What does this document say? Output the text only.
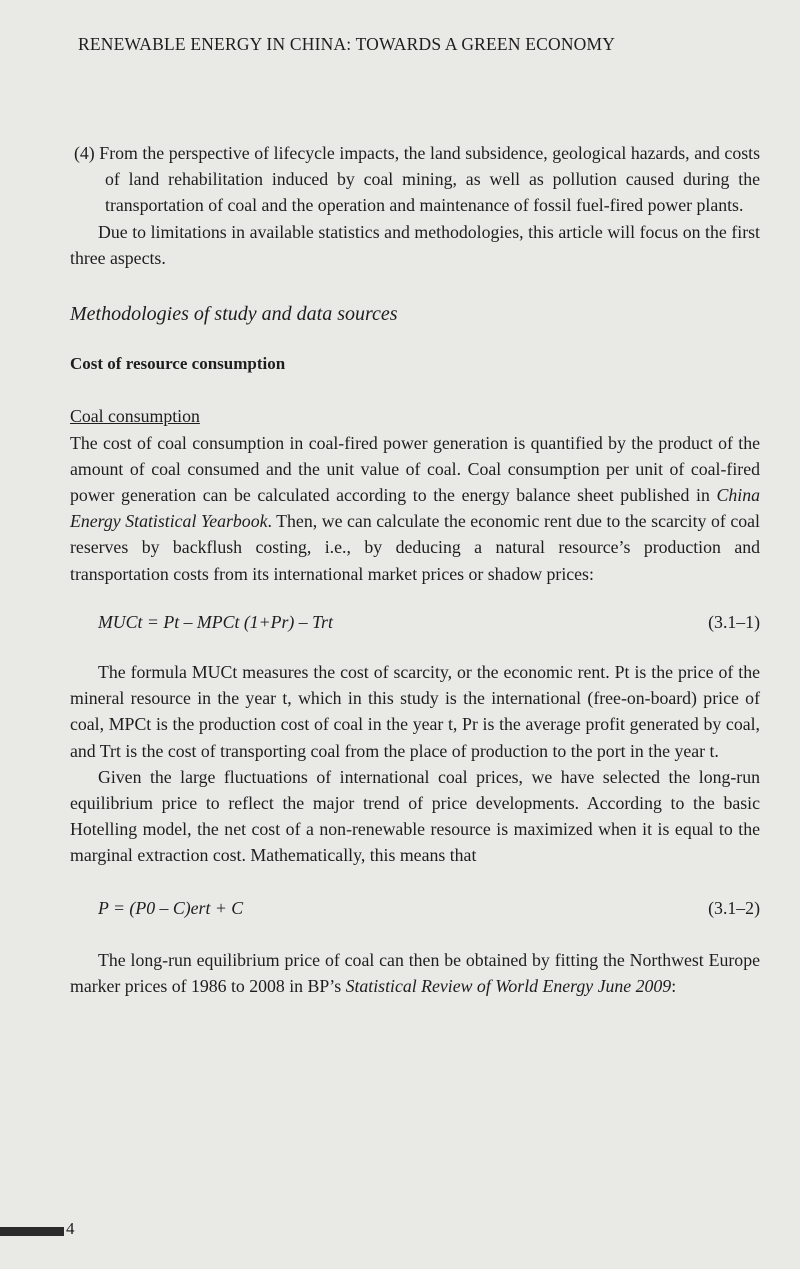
RENEWABLE ENERGY IN CHINA: TOWARDS A GREEN ECONOMY

(4) From the perspective of lifecycle impacts, the land subsidence, geological hazards, and costs of land rehabilitation induced by coal mining, as well as pollution caused during the transportation of coal and the operation and maintenance of fossil fuel-fired power plants.

Due to limitations in available statistics and methodologies, this article will focus on the first three aspects.

Methodologies of study and data sources
Cost of resource consumption
Coal consumption

The cost of coal consumption in coal-fired power generation is quantified by the product of the amount of coal consumed and the unit value of coal. Coal consumption per unit of coal-fired power generation can be calculated according to the energy balance sheet published in China Energy Statistical Yearbook. Then, we can calculate the economic rent due to the scarcity of coal reserves by backflush costing, i.e., by deducing a natural resource’s production and transportation costs from its international market prices or shadow prices:

MUCt = Pt – MPCt (1+Pr) – Trt	(3.1–1)

The formula MUCt measures the cost of scarcity, or the economic rent. Pt is the price of the mineral resource in the year t, which in this study is the international (free-on-board) price of coal, MPCt is the production cost of coal in the year t, Pr is the average profit generated by coal, and Trt is the cost of transporting coal from the place of production to the port in the year t.

Given the large fluctuations of international coal prices, we have selected the long-run equilibrium price to reflect the major trend of price developments. According to the basic Hotelling model, the net cost of a non-renewable resource is maximized when it is equal to the marginal extraction cost. Mathematically, this means that

P = (P0 – C)ert + C	(3.1–2)

The long-run equilibrium price of coal can then be obtained by fitting the Northwest Europe marker prices of 1986 to 2008 in BP’s Statistical Review of World Energy June 2009:

4
